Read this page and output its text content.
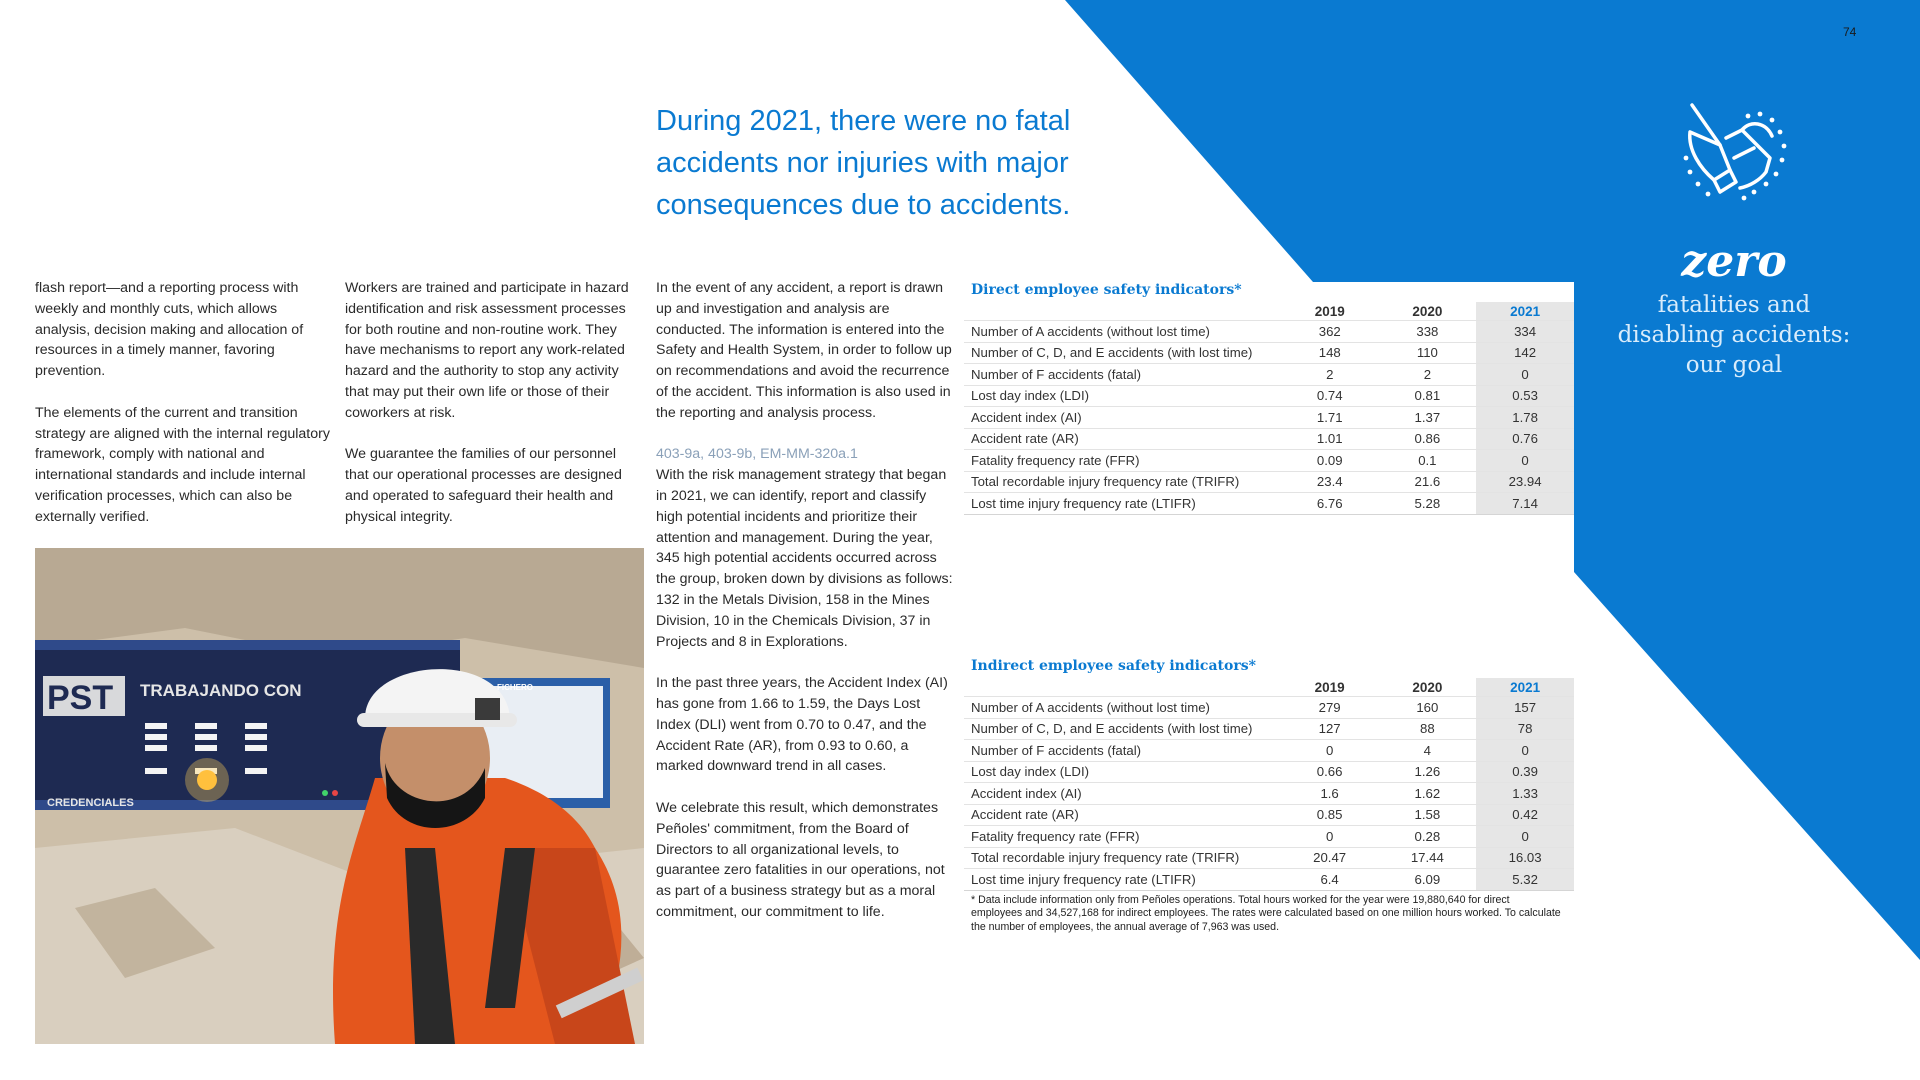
74
During 2021, there were no fatal accidents nor injuries with major consequences due to accidents.

flash report—and a reporting process with weekly and monthly cuts, which allows analysis, decision making and allocation of resources in a timely manner, favoring prevention.

The elements of the current and transition strategy are aligned with the internal regulatory framework, comply with national and international standards and include internal verification processes, which can also be externally verified.

Workers are trained and participate in hazard identification and risk assessment processes for both routine and non-routine work. They have mechanisms to report any work-related hazard and the authority to stop any activity that may put their own life or those of their coworkers at risk.

We guarantee the families of our personnel that our operational processes are designed and operated to safeguard their health and physical integrity.

In the event of any accident, a report is drawn up and investigation and analysis are conducted. The information is entered into the Safety and Health System, in order to follow up on recommendations and avoid the recurrence of the accident. This information is also used in the reporting and analysis process.

403-9a, 403-9b, EM-MM-320a.1

With the risk management strategy that began in 2021, we can identify, report and classify high potential incidents and prioritize their attention and management. During the year, 345 high potential accidents occurred across the group, broken down by divisions as follows: 132 in the Metals Division, 158 in the Mines Division, 10 in the Chemicals Division, 37 in Projects and 8 in Explorations.

In the past three years, the Accident Index (AI) has gone from 1.66 to 1.59, the Days Lost Index (DLI) went from 0.70 to 0.47, and the Accident Rate (AR), from 0.93 to 0.60, a marked downward trend in all cases.

We celebrate this result, which demonstrates Peñoles' commitment, from the Board of Directors to all organizational levels, to guarantee zero fatalities in our operations, not as part of a business strategy but as a moral commitment, our commitment to life.

PST TRABAJANDO CON
CREDENCIALES
FICHERO
Direct employee safety indicators*
	2019	2020	2021
Number of A accidents (without lost time)	362	338	334
Number of C, D, and E accidents (with lost time)	148	110	142
Number of F accidents (fatal)	2	2	0
Lost day index (LDI)	0.74	0.81	0.53
Accident index (AI)	1.71	1.37	1.78
Accident rate (AR)	1.01	0.86	0.76
Fatality frequency rate (FFR)	0.09	0.1	0
Total recordable injury frequency rate (TRIFR)	23.4	21.6	23.94
Lost time injury frequency rate (LTIFR)	6.76	5.28	7.14
Indirect employee safety indicators*
	2019	2020	2021
Number of A accidents (without lost time)	279	160	157
Number of C, D, and E accidents (with lost time)	127	88	78
Number of F accidents (fatal)	0	4	0
Lost day index (LDI)	0.66	1.26	0.39
Accident index (AI)	1.6	1.62	1.33
Accident rate (AR)	0.85	1.58	0.42
Fatality frequency rate (FFR)	0	0.28	0
Total recordable injury frequency rate (TRIFR)	20.47	17.44	16.03
Lost time injury frequency rate (LTIFR)	6.4	6.09	5.32
* Data include information only from Peñoles operations. Total hours worked for the year were 19,880,640 for direct employees and 34,527,168 for indirect employees. The rates were calculated based on one million hours worked. To calculate the number of employees, the annual average of 7,963 was used.
zero
fatalities and
disabling accidents:
our goal
